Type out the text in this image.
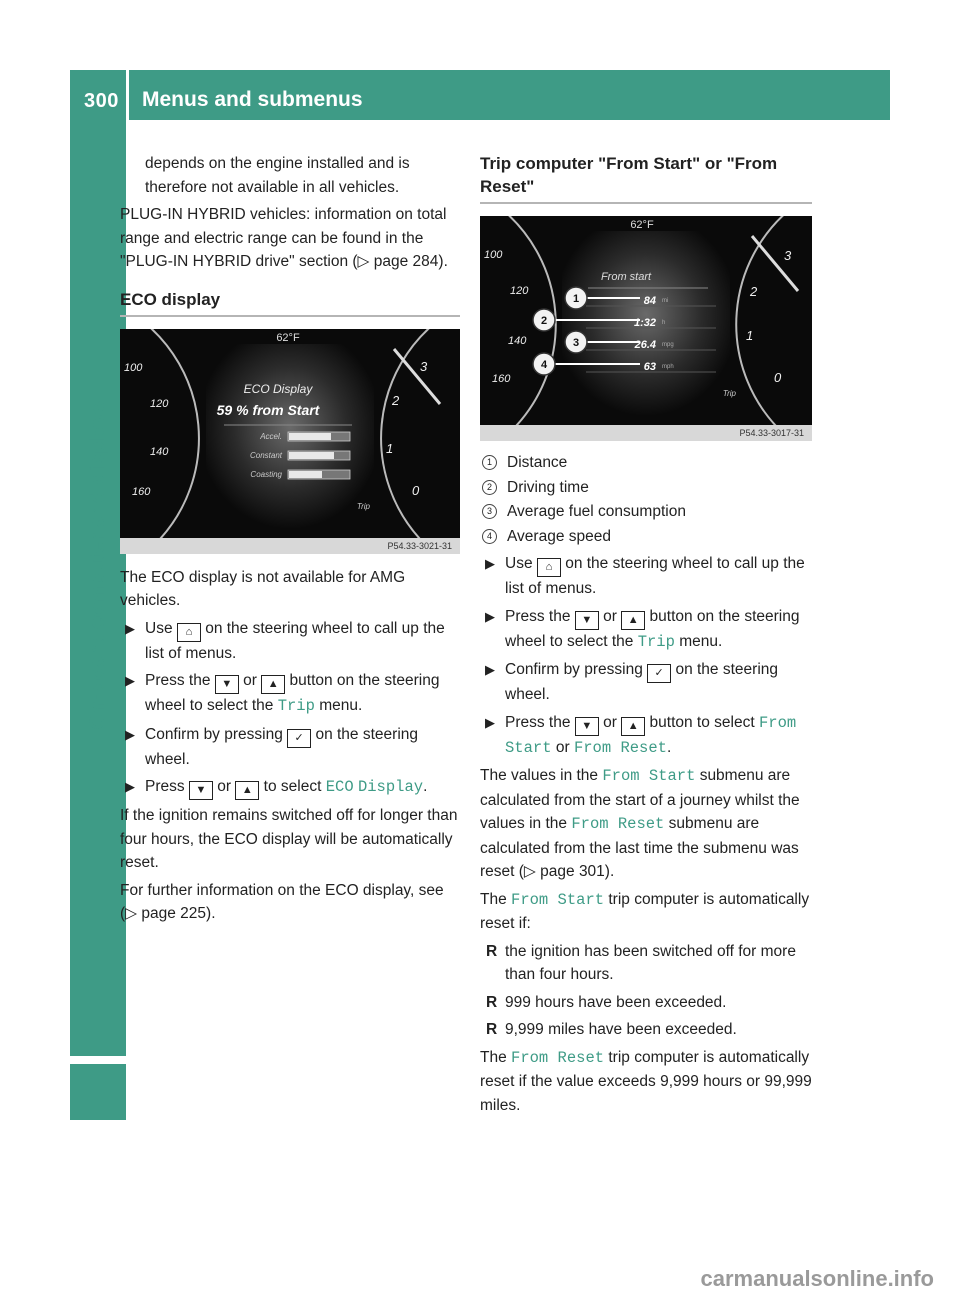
300 Menus and submenus
On-board computer and displays

depends on the engine installed and is therefore not available in all vehicles.

PLUG-IN HYBRID vehicles: information on total range and electric range can be found in the "PLUG-IN HYBRID drive" section (▷ page 284).

ECO display
62°F
ECO Display
59 % from Start
Accel.
Constant
Coasting
100
120
140
160
3
2
1
0
Trip
P54.33-3021-31

The ECO display is not available for AMG vehicles.

▶ Use ⌂ on the steering wheel to call up the list of menus.
▶ Press the ▼ or ▲ button on the steering wheel to select the Trip menu.
▶ Confirm by pressing ✓ on the steering wheel.
▶ Press ▼ or ▲ to select ECO Display.

If the ignition remains switched off for longer than four hours, the ECO display will be automatically reset.

For further information on the ECO display, see (▷ page 225).

Trip computer "From Start" or "From Reset"
62°F
From start
84
1:32
26.4
63
mi
h
mpg
mph
100
120
140
160
3
2
1
0
Trip
1
2
3
4
P54.33-3017-31
1 Distance
2 Driving time
3 Average fuel consumption
4 Average speed
▶ Use ⌂ on the steering wheel to call up the list of menus.
▶ Press the ▼ or ▲ button on the steering wheel to select the Trip menu.
▶ Confirm by pressing ✓ on the steering wheel.
▶ Press the ▼ or ▲ button to select From Start or From Reset.

The values in the From Start submenu are calculated from the start of a journey whilst the values in the From Reset submenu are calculated from the last time the submenu was reset (▷ page 301).

The From Start trip computer is automatically reset if:

R the ignition has been switched off for more than four hours.
R 999 hours have been exceeded.
R 9,999 miles have been exceeded.

The From Reset trip computer is automatically reset if the value exceeds 9,999 hours or 99,999 miles.

carmanualsonline.info
